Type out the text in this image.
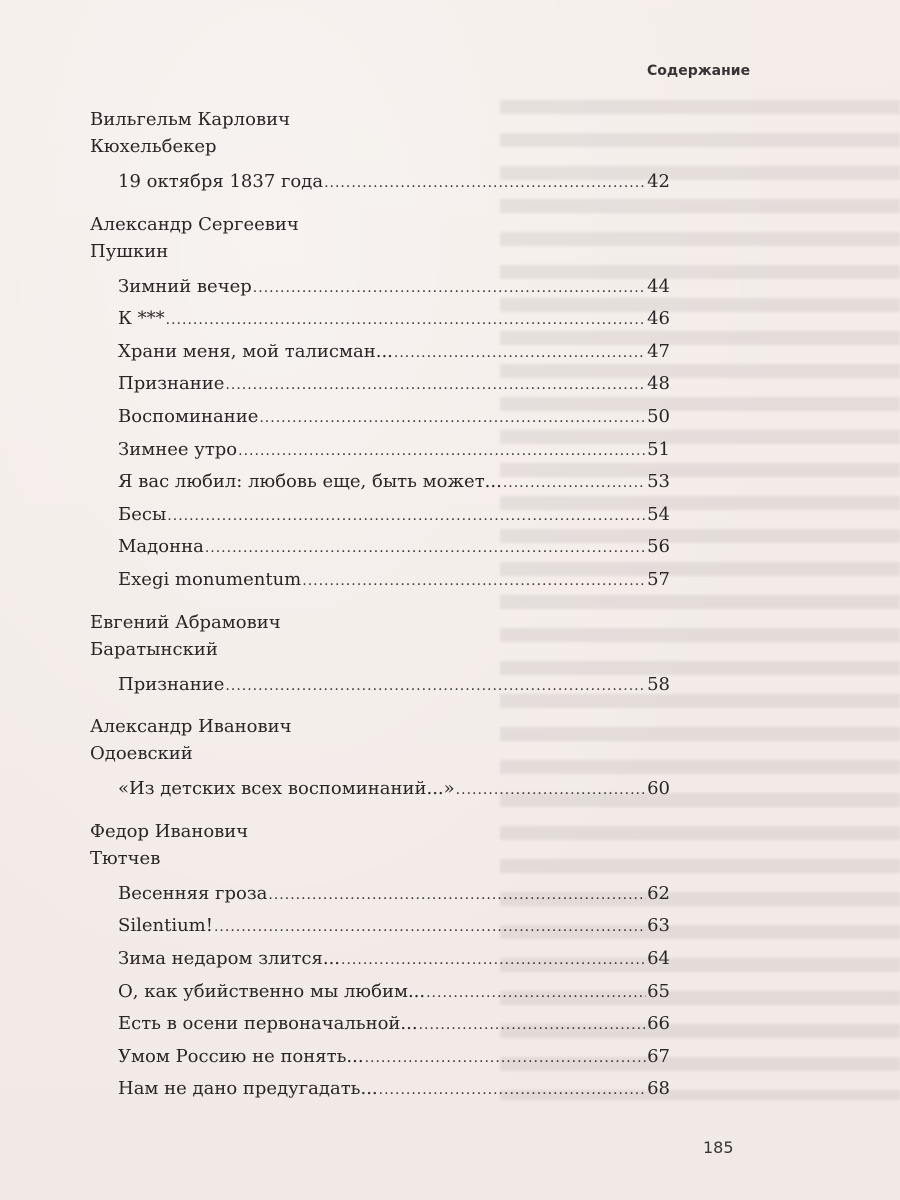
Содержание

Вильгельм Карлович

Кюхельбекер

19 октября 1837 года .....	42

Александр Сергеевич

Пушкин

Зимний вечер .....	44
К *** .....	46
Храни меня, мой талисман... .....	47
Признание .....	48
Воспоминание .....	50
Зимнее утро .....	51
Я вас любил: любовь еще, быть может... .....	53
Бесы .....	54
Мадонна .....	56
Exegi monumentum .....	57

Евгений Абрамович

Баратынский

Признание .....	58

Александр Иванович

Одоевский

«Из детских всех воспоминаний...» .....	60

Федор Иванович

Тютчев

Весенняя гроза .....	62
Silentium! .....	63
Зима недаром злится... .....	64
О, как убийственно мы любим... .....	65
Есть в осени первоначальной... .....	66
Умом Россию не понять... .....	67
Нам не дано предугадать... .....	68
185
